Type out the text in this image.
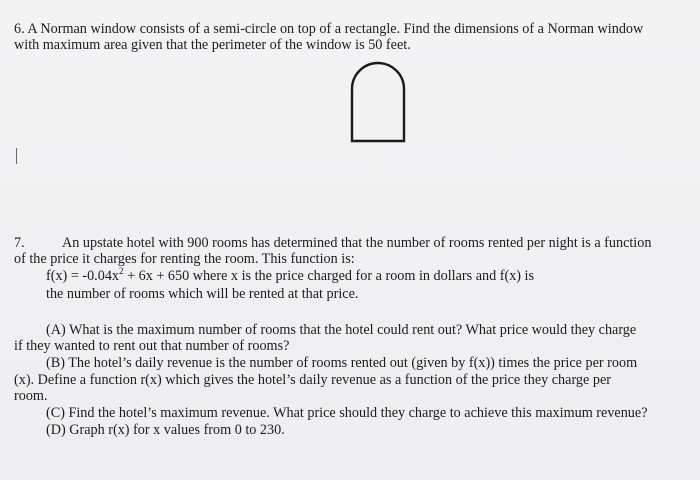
6. A Norman window consists of a semi-circle on top of a rectangle. Find the dimensions of a Norman window
with maximum area given that the perimeter of the window is 50 feet.
7.	An upstate hotel with 900 rooms has determined that the number of rooms rented per night is a function
of the price it charges for renting the room. This function is:
$f(x) = -0.04x^2 + 6x + 650$ where x is the price charged for a room in dollars and f(x) is
the number of rooms which will be rented at that price.
(A) What is the maximum number of rooms that the hotel could rent out? What price would they charge
if they wanted to rent out that number of rooms?
(B) The hotel’s daily revenue is the number of rooms rented out (given by f(x)) times the price per room
(x). Define a function r(x) which gives the hotel’s daily revenue as a function of the price they charge per
room.
(C) Find the hotel’s maximum revenue. What price should they charge to achieve this maximum revenue?
(D) Graph r(x) for x values from 0 to 230.
